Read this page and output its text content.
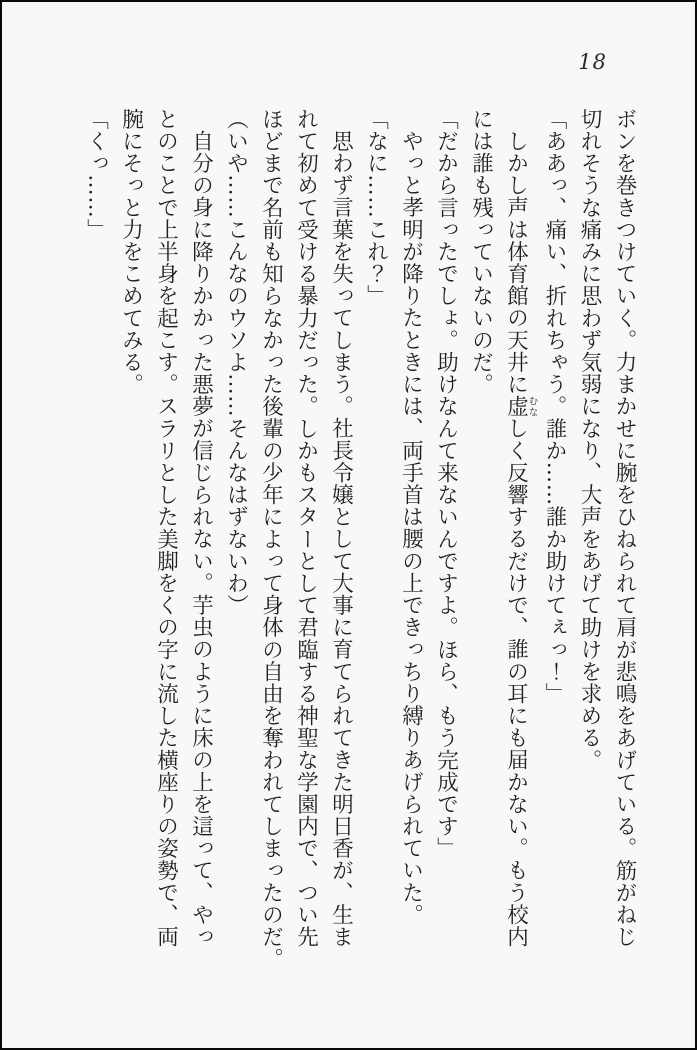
18

ボンを巻きつけていく。力まかせに腕をひねられて肩が悲鳴をあげている。筋がねじ

切れそうな痛みに思わず気弱になり、大声をあげて助けを求める。

「ああっ、痛い、折れちゃう。誰か……誰か助けてぇっ！」

しかし声は体育館の天井に虚むなしく反響するだけで、誰の耳にも届かない。もう校内

には誰も残っていないのだ。

「だから言ったでしょ。助けなんて来ないんですよ。ほら、もう完成です」

やっと孝明が降りたときには、両手首は腰の上できっちり縛りあげられていた。

「なに……これ？」

思わず言葉を失ってしまう。社長令嬢として大事に育てられてきた明日香が、生ま

れて初めて受ける暴力だった。しかもスターとして君臨する神聖な学園内で、つい先

ほどまで名前も知らなかった後輩の少年によって身体の自由を奪われてしまったのだ。

（いや……こんなのウソよ……そんなはずないわ）

自分の身に降りかかった悪夢が信じられない。芋虫のように床の上を這って、やっ

とのことで上半身を起こす。スラリとした美脚をくの字に流した横座りの姿勢で、両

腕にそっと力をこめてみる。

「くっ……」
